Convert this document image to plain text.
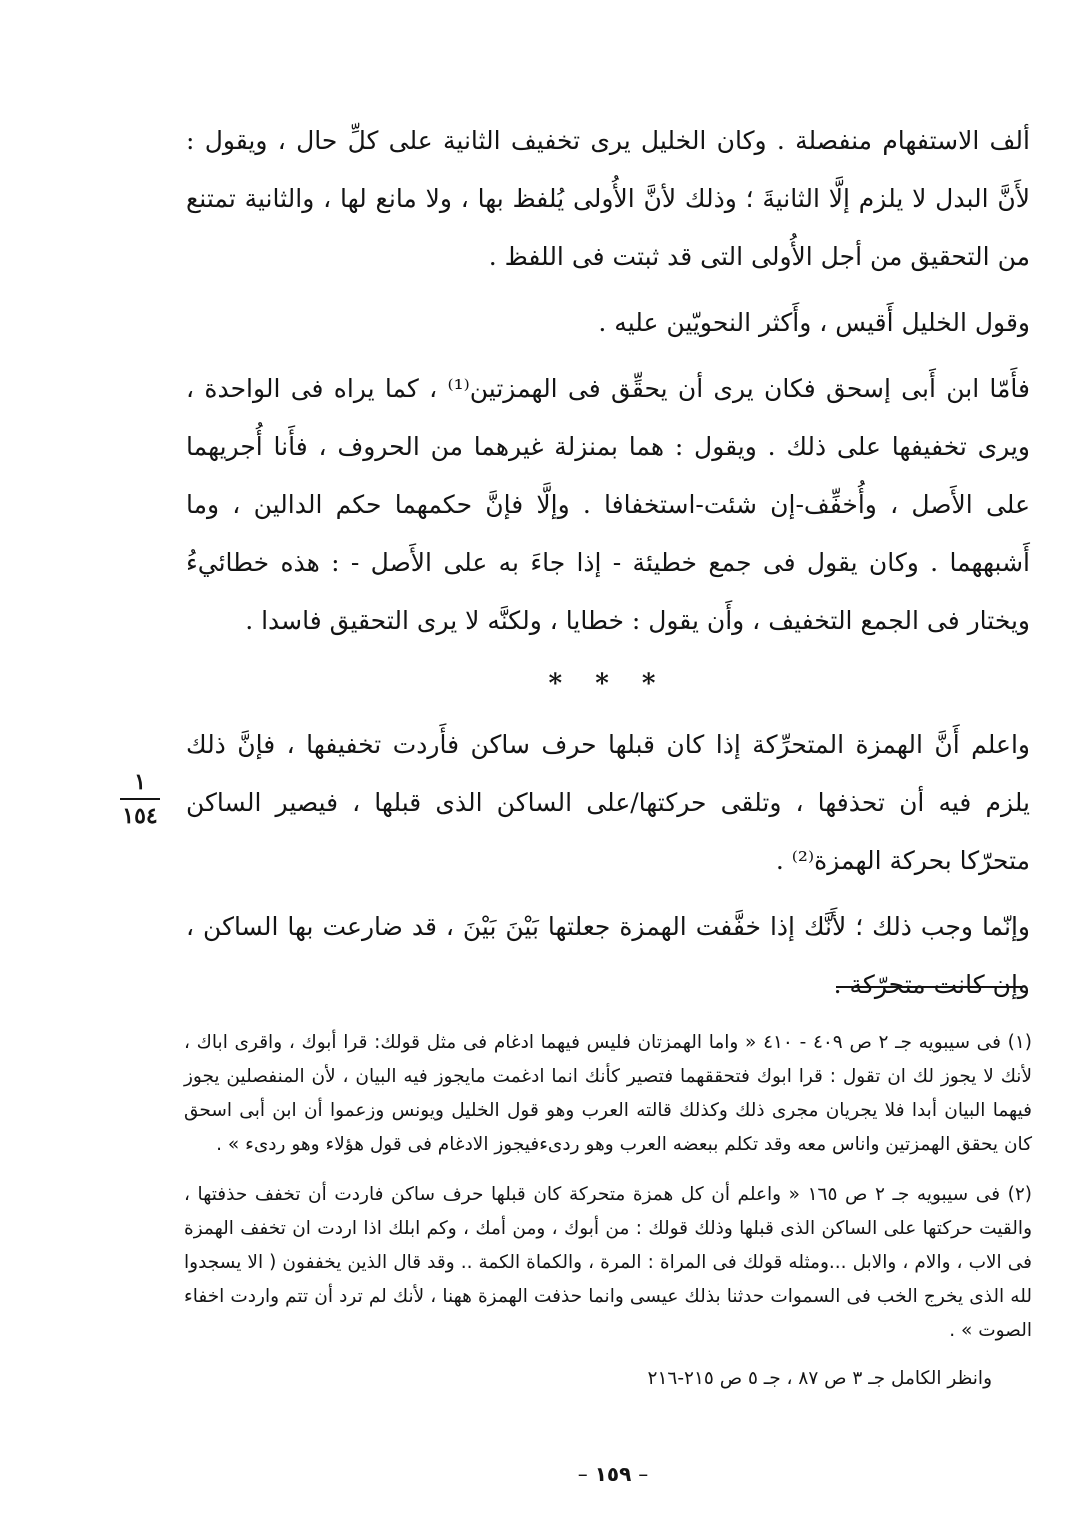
ألف الاستفهام منفصلة . وكان الخليل يرى تخفيف الثانية على كلِّ حال ، ويقول : لأَنَّ البدل لا يلزم إلَّا الثانيةَ ؛ وذلك لأنَّ الأُولى يُلفظ بها ، ولا مانع لها ، والثانية تمتنع من التحقيق من أجل الأُولى التى قد ثبتت فى اللفظ .

وقول الخليل أَقيس ، وأَكثر النحويّين عليه .

فأَمّا ابن أَبى إسحق فكان يرى أن يحقِّق فى الهمزتين⁽¹⁾ ، كما يراه فى الواحدة ، ويرى تخفيفها على ذلك . ويقول : هما بمنزلة غيرهما من الحروف ، فأَنا أُجريهما على الأَصل ، وأُخفِّف-إن شئت-استخفافا . وإلَّا فإنَّ حكمهما حكم الدالين ، وما أَشبههما . وكان يقول فى جمع خطيئة - إذا جاءَ به على الأَصل - : هذه خطائيءُ ويختار فى الجمع التخفيف ، وأَن يقول : خطايا ، ولكنَّه لا يرى التحقيق فاسدا .

* * *

واعلم أَنَّ الهمزة المتحرِّكة إذا كان قبلها حرف ساكن فأَردت تخفيفها ، فإنَّ ذلك يلزم فيه أن تحذفها ، وتلقى حركتها/على الساكن الذى قبلها ، فيصير الساكن متحرّكا بحركة الهمزة⁽²⁾ .

وإنّما وجب ذلك ؛ لأَنَّك إذا خفَّفت الهمزة جعلتها بَيْنَ بَيْنَ ، قد ضارعت بها الساكن ، وإن كانت متحرّكة .

١
١٥٤

(١) فى سيبويه جـ ٢ ص ٤٠٩ - ٤١٠ « واما الهمزتان فليس فيهما ادغام فى مثل قولك: قرا أبوك ، واقرى اباك ، لأنك لا يجوز لك ان تقول : قرا ابوك فتحققهما فتصير كأنك انما ادغمت مايجوز فيه البيان ، لأن المنفصلين يجوز فيهما البيان أبدا فلا يجريان مجرى ذلك وكذلك قالته العرب وهو قول الخليل ويونس وزعموا أن ابن أبى اسحق كان يحقق الهمزتين واناس معه وقد تكلم ببعضه العرب وهو ردىءفيجوز الادغام فى قول هؤلاء وهو ردىء » .

(٢) فى سيبويه جـ ٢ ص ١٦٥ « واعلم أن كل همزة متحركة كان قبلها حرف ساكن فاردت أن تخفف حذفتها ، والقيت حركتها على الساكن الذى قبلها وذلك قولك : من أبوك ، ومن أمك ، وكم ابلك اذا اردت ان تخفف الهمزة فى الاب ، والام ، والابل ...ومثله قولك فى المراة : المرة ، والكماة الكمة .. وقد قال الذين يخففون ( الا يسجدوا لله الذى يخرج الخب فى السموات حدثنا بذلك عيسى وانما حذفت الهمزة ههنا ، لأنك لم ترد أن تتم واردت اخفاء الصوت » .

وانظر الكامل جـ ٣ ص ٨٧ ، جـ ٥ ص ٢١٥-٢١٦

– ١٥٩ –
